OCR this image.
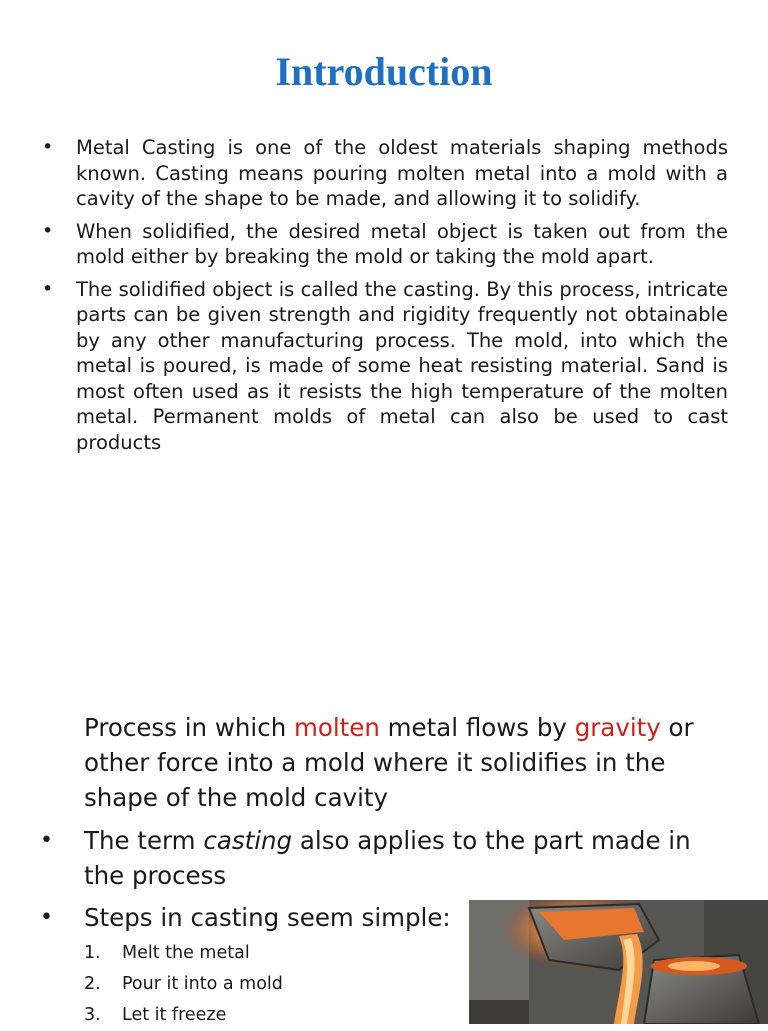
Introduction
• Metal Casting is one of the oldest materials shaping methods known. Casting means pouring molten metal into a mold with a cavity of the shape to be made, and allowing it to solidify.
• When solidified, the desired metal object is taken out from the mold either by breaking the mold or taking the mold apart.
• The solidified object is called the casting. By this process, intricate parts can be given strength and rigidity frequently not obtainable by any other manufacturing process. The mold, into which the metal is poured, is made of some heat resisting material. Sand is most often used as it resists the high temperature of the molten metal. Permanent molds of metal can also be used to cast products

Process in which molten metal flows by gravity or other force into a mold where it solidifies in the shape of the mold cavity

• The term casting also applies to the part made in the process
• Steps in casting seem simple:
1. Melt the metal
2. Pour it into a mold
3. Let it freeze
